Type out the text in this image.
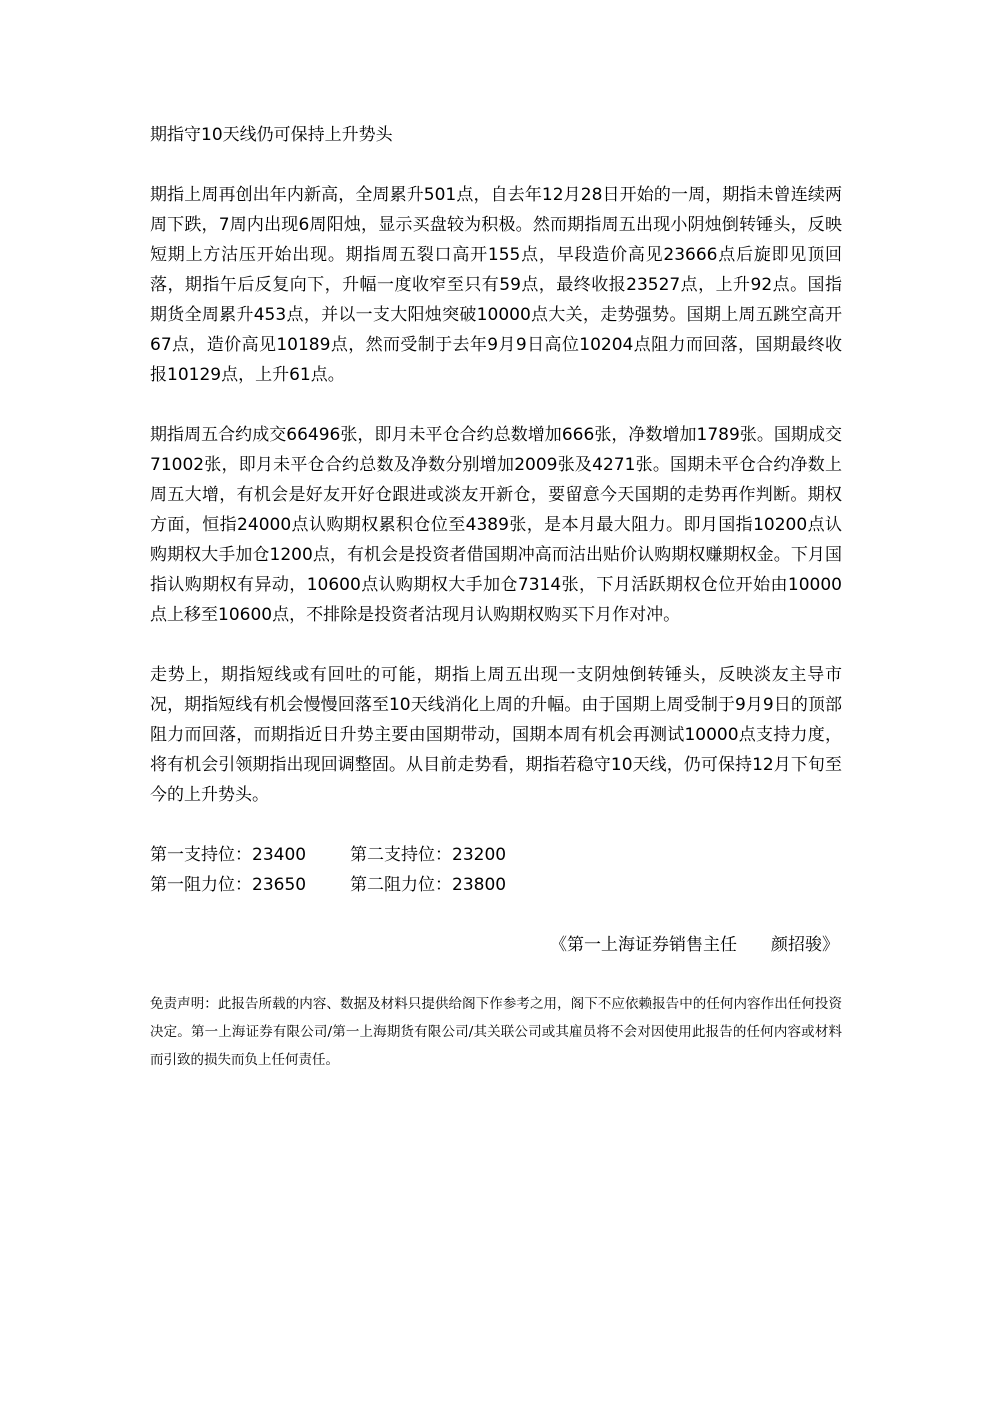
期指守10天线仍可保持上升势头
期指上周再创出年内新高，全周累升501点，自去年12月28日开始的一周，期指未曾连续两周下跌，7周内出现6周阳烛，显示买盘较为积极。然而期指周五出现小阴烛倒转锤头，反映短期上方沽压开始出现。期指周五裂口高开155点，早段造价高见23666点后旋即见顶回落，期指午后反复向下，升幅一度收窄至只有59点，最终收报23527点，上升92点。国指期货全周累升453点，并以一支大阳烛突破10000点大关，走势强势。国期上周五跳空高开67点，造价高见10189点，然而受制于去年9月9日高位10204点阻力而回落，国期最终收报10129点，上升61点。
期指周五合约成交66496张，即月未平仓合约总数增加666张，净数增加1789张。国期成交71002张，即月未平仓合约总数及净数分别增加2009张及4271张。国期未平仓合约净数上周五大增，有机会是好友开好仓跟进或淡友开新仓，要留意今天国期的走势再作判断。期权方面，恒指24000点认购期权累积仓位至4389张，是本月最大阻力。即月国指10200点认购期权大手加仓1200点，有机会是投资者借国期冲高而沽出贴价认购期权赚期权金。下月国指认购期权有异动，10600点认购期权大手加仓7314张，下月活跃期权仓位开始由10000点上移至10600点，不排除是投资者沽现月认购期权购买下月作对冲。
走势上，期指短线或有回吐的可能，期指上周五出现一支阴烛倒转锤头，反映淡友主导市况，期指短线有机会慢慢回落至10天线消化上周的升幅。由于国期上周受制于9月9日的顶部阻力而回落，而期指近日升势主要由国期带动，国期本周有机会再测试10000点支持力度，将有机会引领期指出现回调整固。从目前走势看，期指若稳守10天线，仍可保持12月下旬至今的上升势头。
第一支持位：23400	第二支持位：23200
第一阻力位：23650	第二阻力位：23800
《第一上海证券销售主任　　颜招骏》
免责声明：此报告所载的内容、数据及材料只提供给阁下作参考之用，阁下不应依赖报告中的任何内容作出任何投资决定。第一上海证券有限公司/第一上海期货有限公司/其关联公司或其雇员将不会对因使用此报告的任何内容或材料而引致的损失而负上任何责任。
